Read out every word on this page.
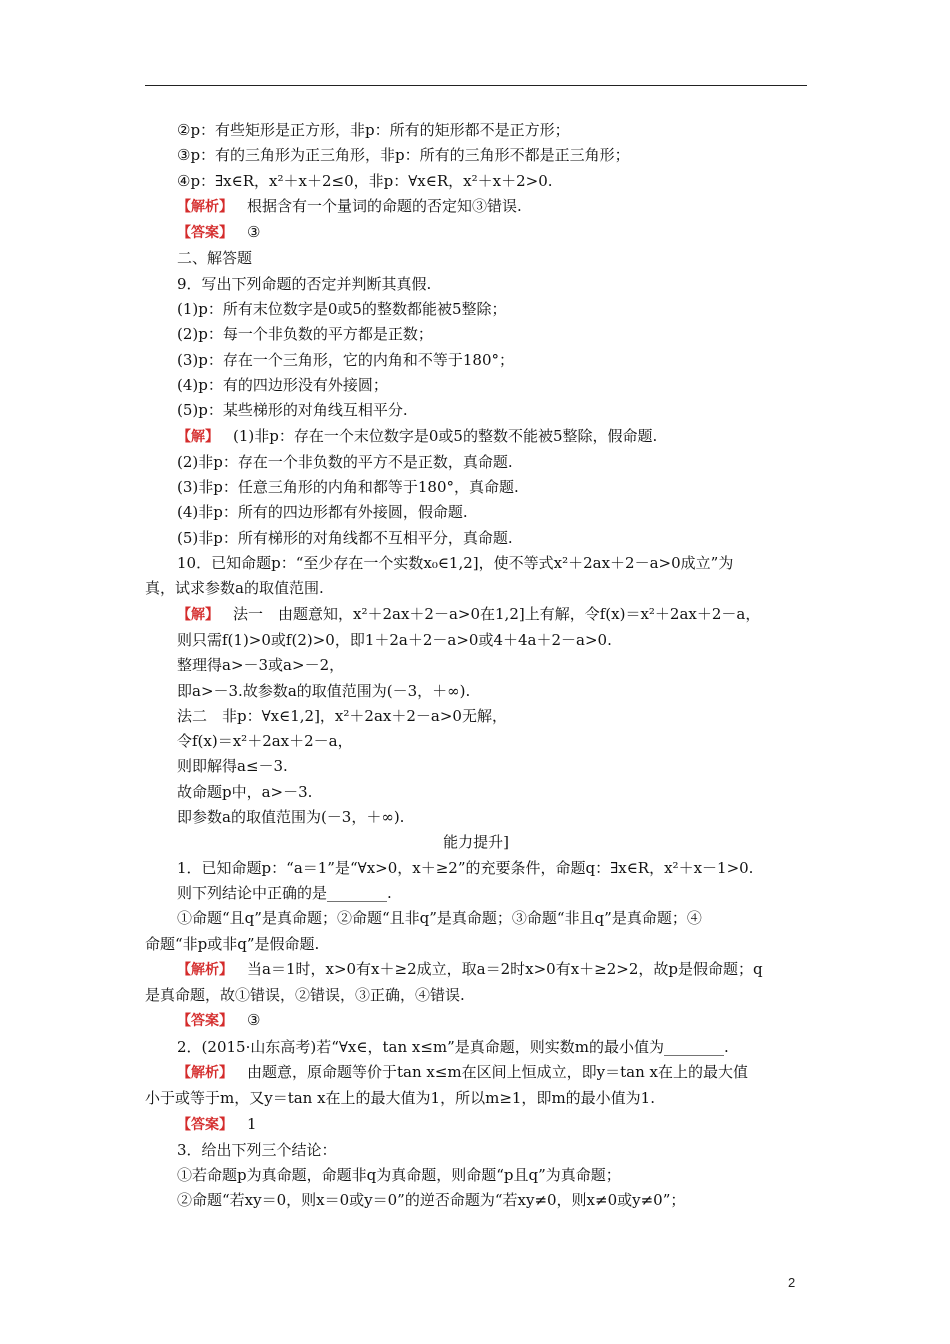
②p：有些矩形是正方形，非p：所有的矩形都不是正方形；
③p：有的三角形为正三角形，非p：所有的三角形不都是正三角形；
④p：∃x∈R，x²＋x＋2≤0，非p：∀x∈R，x²＋x＋2>0.
【解析】 根据含有一个量词的命题的否定知③错误.
【答案】 ③
二、解答题
9．写出下列命题的否定并判断其真假.
(1)p：所有末位数字是0或5的整数都能被5整除；
(2)p：每一个非负数的平方都是正数；
(3)p：存在一个三角形，它的内角和不等于180°；
(4)p：有的四边形没有外接圆；
(5)p：某些梯形的对角线互相平分.
【解】 (1)非p：存在一个末位数字是0或5的整数不能被5整除，假命题.
(2)非p：存在一个非负数的平方不是正数，真命题.
(3)非p：任意三角形的内角和都等于180°，真命题.
(4)非p：所有的四边形都有外接圆，假命题.
(5)非p：所有梯形的对角线都不互相平分，真命题.
10．已知命题p：“至少存在一个实数x₀∈1,2]，使不等式x²＋2ax＋2－a>0成立”为
真，试求参数a的取值范围.
【解】 法一　由题意知，x²＋2ax＋2－a>0在1,2]上有解，令f(x)＝x²＋2ax＋2－a，
则只需f(1)>0或f(2)>0，即1＋2a＋2－a>0或4＋4a＋2－a>0.
整理得a>－3或a>－2，
即a>－3.故参数a的取值范围为(－3，＋∞).
法二　非p：∀x∈1,2]，x²＋2ax＋2－a>0无解，
令f(x)＝x²＋2ax＋2－a，
则即解得a≤－3.
故命题p中，a>－3.
即参数a的取值范围为(－3，＋∞).
能力提升]
1．已知命题p：“a＝1”是“∀x>0，x＋≥2”的充要条件，命题q：∃x∈R，x²＋x－1>0.
则下列结论中正确的是________.
①命题“且q”是真命题；②命题“且非q”是真命题；③命题“非且q”是真命题；④
命题“非p或非q”是假命题.
【解析】 当a＝1时，x>0有x＋≥2成立，取a＝2时x>0有x＋≥2>2，故p是假命题；q
是真命题，故①错误，②错误，③正确，④错误.
【答案】 ③
2．(2015·山东高考)若“∀x∈，tan x≤m”是真命题，则实数m的最小值为________.
【解析】 由题意，原命题等价于tan x≤m在区间上恒成立，即y＝tan x在上的最大值
小于或等于m，又y＝tan x在上的最大值为1，所以m≥1，即m的最小值为1.
【答案】 1
3．给出下列三个结论：
①若命题p为真命题，命题非q为真命题，则命题“p且q”为真命题；
②命题“若xy＝0，则x＝0或y＝0”的逆否命题为“若xy≠0，则x≠0或y≠0”；
2
